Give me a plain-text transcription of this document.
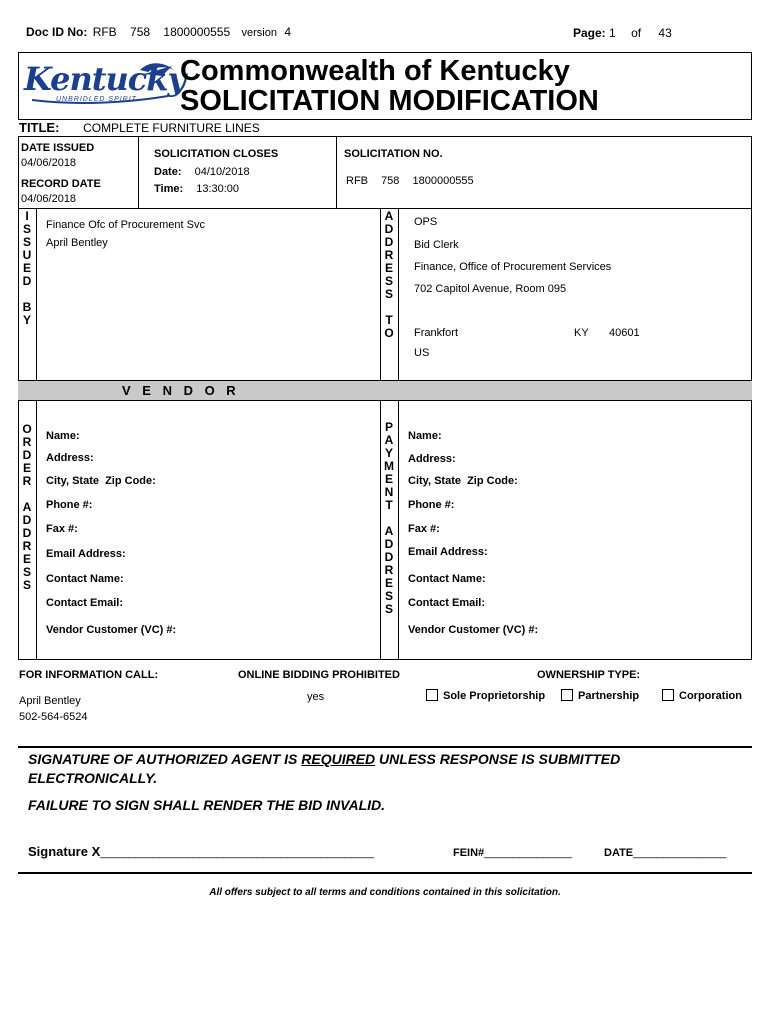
Doc ID No: RFB 758 1800000555 version 4	Page: 1 of 43
Kentucky
UNBRIDLED SPIRIT
Commonwealth of Kentucky
SOLICITATION MODIFICATION
TITLE: COMPLETE FURNITURE LINES
DATE ISSUED
04/06/2018
RECORD DATE
04/06/2018
SOLICITATION CLOSES
Date: 04/10/2018
Time: 13:30:00
SOLICITATION NO.
RFB 758 1800000555
I
S
S
U
E
D
B
Y
Finance Ofc of Procurement Svc
April Bentley
A
D
D
R
E
S
S
T
O
OPS
Bid Clerk
Finance, Office of Procurement Services
702 Capitol Avenue, Room 095
Frankfort	KY 40601
US
V E N D O R
O
R
D
E
R
A
D
D
R
E
S
S
Name:
Address:
City, State  Zip Code:
Phone #:
Fax #:
Email Address:
Contact Name:
Contact Email:
Vendor Customer (VC) #:
P
A
Y
M
E
N
T
A
D
D
R
E
S
S
Name:
Address:
City, State  Zip Code:
Phone #:
Fax #:
Email Address:
Contact Name:
Contact Email:
Vendor Customer (VC) #:
FOR INFORMATION CALL:
April Bentley
502-564-6524
ONLINE BIDDING PROHIBITED
yes
OWNERSHIP TYPE:
Sole Proprietorship	Partnership	Corporation
SIGNATURE OF AUTHORIZED AGENT IS REQUIRED UNLESS RESPONSE IS SUBMITTED
ELECTRONICALLY.
FAILURE TO SIGN SHALL RENDER THE BID INVALID.
Signature X_______________________________________________	FEIN#_______________	DATE________________
All offers subject to all terms and conditions contained in this solicitation.
